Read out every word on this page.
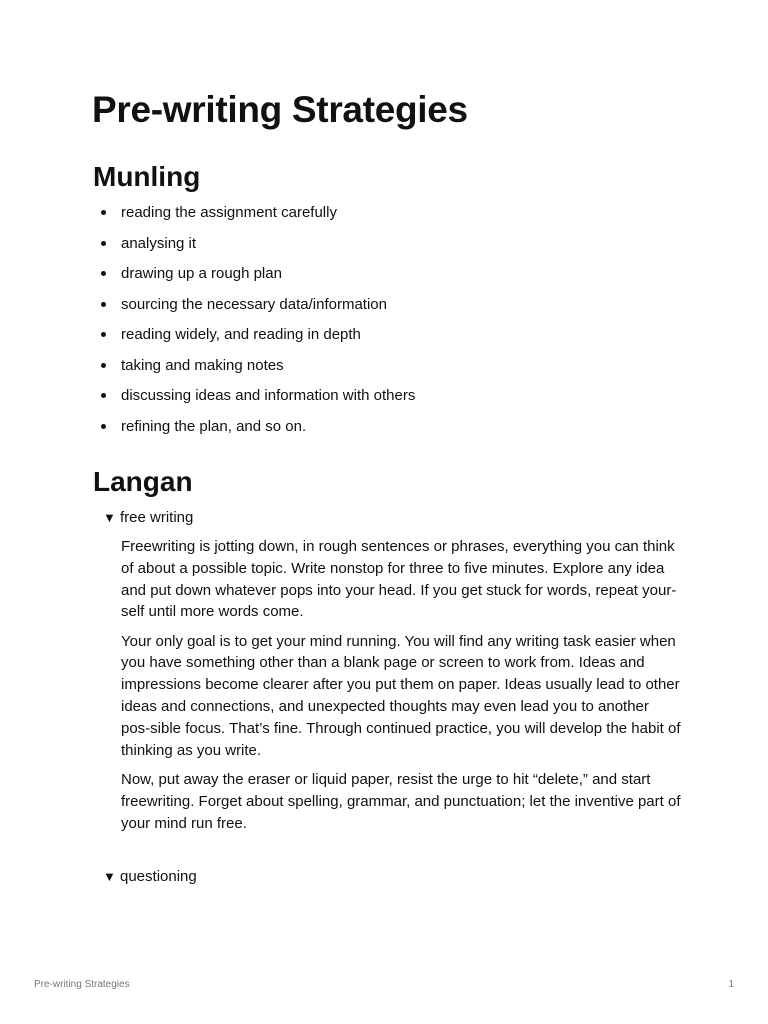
Pre-writing Strategies
Munling
reading the assignment carefully
analysing it
drawing up a rough plan
sourcing the necessary data/information
reading widely, and reading in depth
taking and making notes
discussing ideas and information with others
refining the plan, and so on.
Langan
▼ free writing

Freewriting is jotting down, in rough sentences or phrases, everything you can think of about a possible topic. Write nonstop for three to five minutes. Explore any idea and put down whatever pops into your head. If you get stuck for words, repeat your-self until more words come.

Your only goal is to get your mind running. You will find any writing task easier when you have something other than a blank page or screen to work from. Ideas and impressions become clearer after you put them on paper. Ideas usually lead to other ideas and connections, and unexpected thoughts may even lead you to another pos-sible focus. That’s fine. Through continued practice, you will develop the habit of thinking as you write.

Now, put away the eraser or liquid paper, resist the urge to hit “delete,” and start freewriting. Forget about spelling, grammar, and punctuation; let the inventive part of your mind run free.

▼ questioning
Pre-writing Strategies	1
